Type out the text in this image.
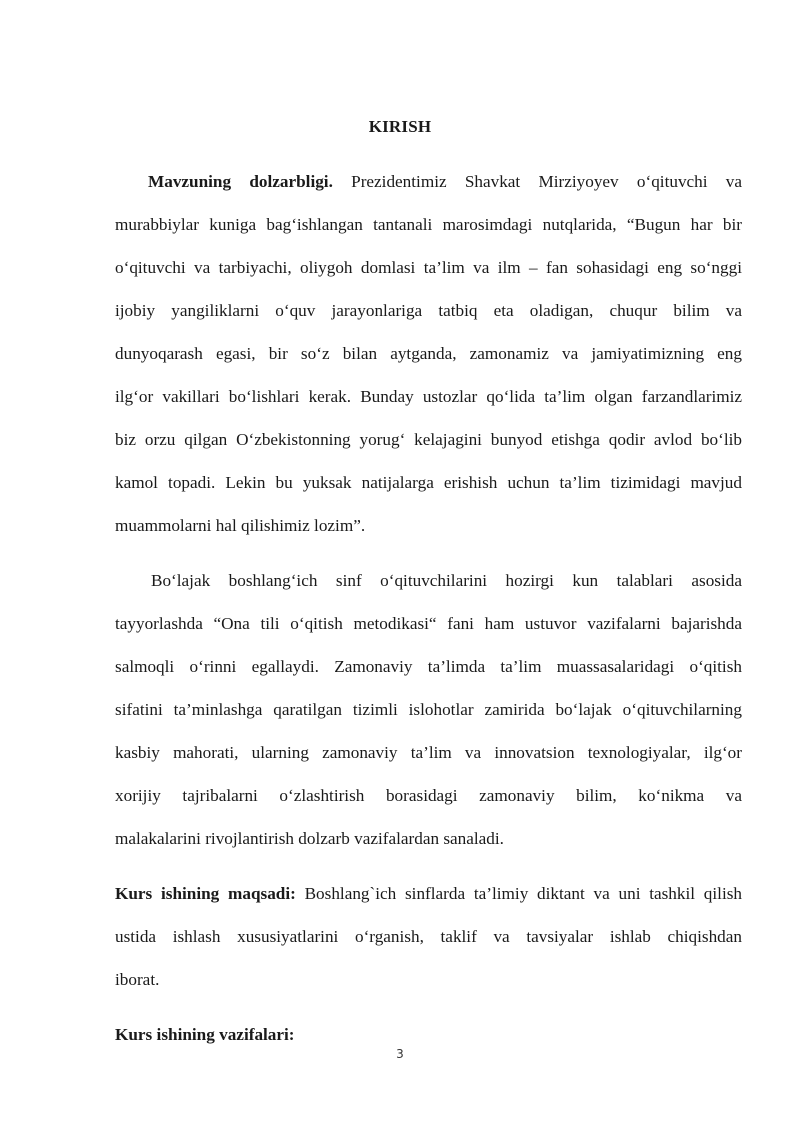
KIRISH
Mavzuning dolzarbligi. Prezidentimiz Shavkat Mirziyoyev o‘qituvchi va
murabbiylar kuniga bag‘ishlangan tantanali marosimdagi nutqlarida, “Bugun har bir
o‘qituvchi va tarbiyachi, oliygoh domlasi ta’lim va ilm – fan sohasidagi eng so‘nggi
ijobiy yangiliklarni o‘quv jarayonlariga tatbiq eta oladigan, chuqur bilim va
dunyoqarash egasi, bir so‘z bilan aytganda, zamonamiz va jamiyatimizning eng
ilg‘or vakillari bo‘lishlari kerak. Bunday ustozlar qo‘lida ta’lim olgan farzandlarimiz
biz orzu qilgan O‘zbekistonning yorug‘ kelajagini bunyod etishga qodir avlod bo‘lib
kamol topadi. Lekin bu yuksak natijalarga erishish uchun ta’lim tizimidagi mavjud
muammolarni hal qilishimiz lozim”.
Bo‘lajak boshlang‘ich sinf o‘qituvchilarini hozirgi kun talablari asosida
tayyorlashda “Ona tili o‘qitish metodikasi“ fani ham ustuvor vazifalarni bajarishda
salmoqli o‘rinni egallaydi. Zamonaviy ta’limda ta’lim muassasalaridagi o‘qitish
sifatini ta’minlashga qaratilgan tizimli islohotlar zamirida bo‘lajak o‘qituvchilarning
kasbiy mahorati, ularning zamonaviy ta’lim va innovatsion texnologiyalar, ilg‘or
xorijiy tajribalarni o‘zlashtirish borasidagi zamonaviy bilim, ko‘nikma va
malakalarini rivojlantirish dolzarb vazifalardan sanaladi.
Kurs ishining maqsadi: Boshlang`ich sinflarda ta’limiy diktant va uni tashkil qilish
ustida ishlash xususiyatlarini o‘rganish, taklif va tavsiyalar ishlab chiqishdan
iborat.
Kurs ishining vazifalari:
3
